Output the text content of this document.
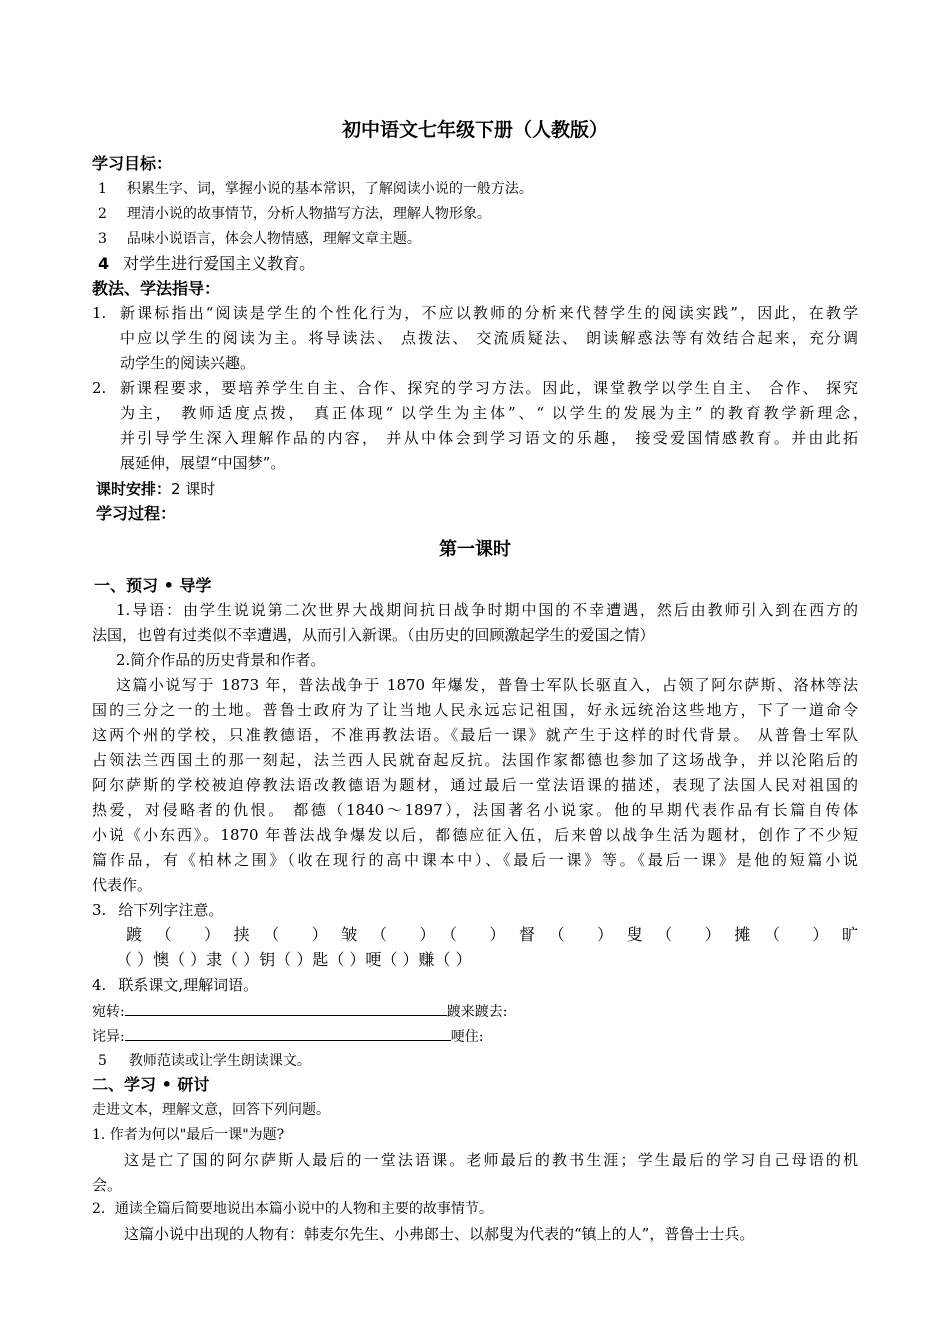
初中语文七年级下册（人教版）
学习目标：
1 积累生字、词，掌握小说的基本常识，了解阅读小说的一般方法。
2 理清小说的故事情节，分析人物描写方法，理解人物形象。
3 品味小说语言，体会人物情感，理解文章主题。
4 对学生进行爱国主义教育。
教法、学法指导：
1. 新课标指出“阅读是学生的个性化行为，不应以教师的分析来代替学生的阅读实践”，因此，在教学
中应以学生的阅读为主。将导读法、 点拨法、 交流质疑法、 朗读解惑法等有效结合起来，充分调
动学生的阅读兴趣。
2. 新课程要求，要培养学生自主、合作、探究的学习方法。因此，课堂教学以学生自主、 合作、 探究
为主， 教师适度点拨， 真正体现“ 以学生为主体”、“ 以学生的发展为主” 的教育教学新理念，
并引导学生深入理解作品的内容， 并从中体会到学习语文的乐趣， 接受爱国情感教育。并由此拓
展延伸，展望“中国梦”。
课时安排：2 课时
学习过程：
第一课时
一、预习 • 导学
1.导语：由学生说说第二次世界大战期间抗日战争时期中国的不幸遭遇，然后由教师引入到在西方的
法国，也曾有过类似不幸遭遇，从而引入新课。（由历史的回顾激起学生的爱国之情）
2.简介作品的历史背景和作者。
这篇小说写于 1873 年，普法战争于 1870 年爆发，普鲁士军队长驱直入，占领了阿尔萨斯、洛林等法
国的三分之一的土地。普鲁士政府为了让当地人民永远忘记祖国，好永远统治这些地方，下了一道命令
这两个州的学校，只准教德语，不准再教法语。《最后一课》就产生于这样的时代背景。 从普鲁士军队
占领法兰西国土的那一刻起，法兰西人民就奋起反抗。法国作家都德也参加了这场战争，并以沦陷后的
阿尔萨斯的学校被迫停教法语改教德语为题材，通过最后一堂法语课的描述，表现了法国人民对祖国的
热爱，对侵略者的仇恨。 都德（1840～1897），法国著名小说家。他的早期代表作品有长篇自传体
小说《小东西》。1870 年普法战争爆发以后，都德应征入伍，后来曾以战争生活为题材，创作了不少短
篇作品，有《柏林之围》（收在现行的高中课本中）、《最后一课》等。《最后一课》是他的短篇小说
代表作。
3. 给下列字注意。
踱（ ）挟（ ）皱（ ）（ ）督（ ）叟（ ）摊（ ）旷
（ ）懊（ ）隶（ ）钥（ ）匙（ ）哽（ ）赚（ ）
4. 联系课文,理解词语。
宛转:	踱来踱去:
诧异:	哽住:
5 教师范读或让学生朗读课文。
二、学习 • 研讨
走进文本，理解文意，回答下列问题。
1. 作者为何以"最后一课"为题?
这是亡了国的阿尔萨斯人最后的一堂法语课。老师最后的教书生涯；学生最后的学习自己母语的机
会。
2．通读全篇后简要地说出本篇小说中的人物和主要的故事情节。
这篇小说中出现的人物有：韩麦尔先生、小弗郎士、以郝叟为代表的“镇上的人”，普鲁士士兵。
